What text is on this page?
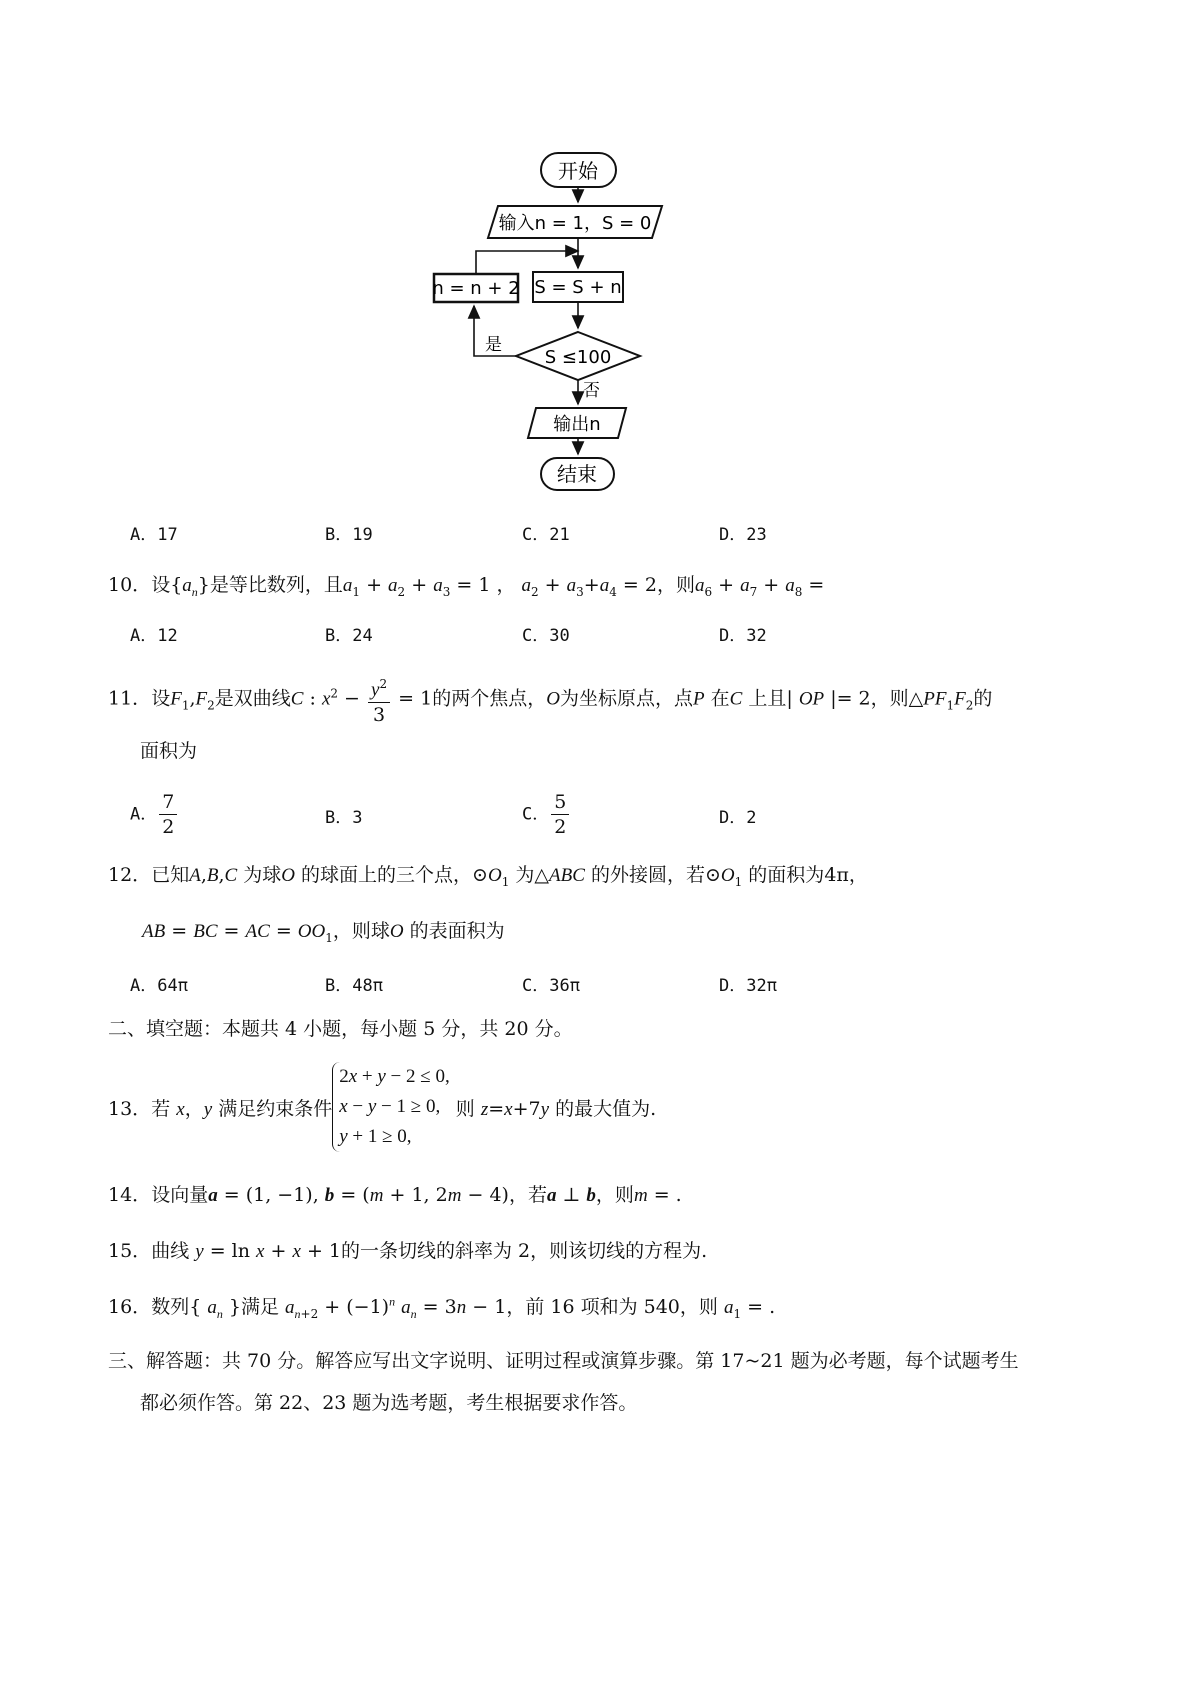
开始
输入n = 1，S = 0
S = S + n
S ≤100
是
n = n + 2
否
输出n
结束
A．17	B．19	C．21	D．23
10．设$\{a_n\}$是等比数列，且$a_1 + a_2 + a_3 = 1$ ， $a_2 + a_3+a_4 = 2$，则$a_6 + a_7 + a_8$ =
A．12	B．24	C．30	D．32
11．设$F_1,F_2$是双曲线C : $x^2 - \frac{y^2}{3} = 1$的两个焦点，O为坐标原点，点P 在C 上且| OP |= 2，则$\triangle PF_1F_2$的
面积为
A． $\frac{7}{2}$	B．3	C． $\frac{5}{2}$	D．2
12．已知A,B,C 为球O 的球面上的三个点，$⊙O_1$ 为△ABC 的外接圆，若$⊙O_1$ 的面积为4π，
AB = BC = AC = $OO_1$，则球O 的表面积为
A．64π	B．48π	C．36π	D．32π
二、填空题：本题共 4 小题，每小题 5 分，共 20 分。
13．若 x，y 满足约束条件2x + y − 2 ≤ 0,
x − y − 1 ≥ 0,
y + 1 ≥ 0, 则 z=x+7y 的最大值为.
14．设向量a = (1, −1), b = (m + 1, 2m − 4)，若a ⊥ b，则m = .
15．曲线 y = ln x + x + 1的一条切线的斜率为 2，则该切线的方程为.
16．数列{ $a_n$ }满足 $a_{n+2} + (-1)^n$ $a_n = 3n - 1$，前 16 项和为 540，则 $a_1$ = .
三、解答题：共 70 分。解答应写出文字说明、证明过程或演算步骤。第 17~21 题为必考题，每个试题考生
都必须作答。第 22、23 题为选考题，考生根据要求作答。
